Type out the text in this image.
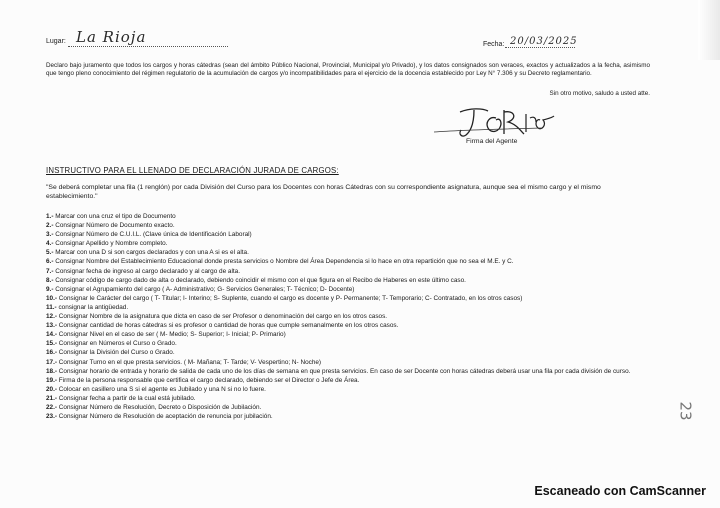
Lugar: La Rioja	Fecha: 20/03/2025
Declaro bajo juramento que todos los cargos y horas cátedras (sean del ámbito Público Nacional, Provincial, Municipal y/o Privado), y los datos consignados son veraces, exactos y actualizados a la fecha, asimismo que tengo pleno conocimiento del régimen regulatorio de la acumulación de cargos y/o incompatibilidades para el ejercicio de la docencia establecido por Ley N° 7.306 y su Decreto reglamentario.
Sin otro motivo, saludo a usted atte.
Firma del Agente
INSTRUCTIVO PARA EL LLENADO DE DECLARACIÓN JURADA DE CARGOS:
"Se deberá completar una fila (1 renglón) por cada División del Curso para los Docentes con horas Cátedras con su correspondiente asignatura, aunque sea el mismo cargo y el mismo establecimiento."
1.- Marcar con una cruz el tipo de Documento
2.- Consignar Número de Documento exacto.
3.- Consignar Número de C.U.I.L. (Clave única de Identificación Laboral)
4.- Consignar Apellido y Nombre completo.
5.- Marcar con una D si son cargos declarados y con una A si es el alta.
6.- Consignar Nombre del Establecimiento Educacional donde presta servicios o Nombre del Área Dependencia si lo hace en otra repartición que no sea el M.E. y C.
7.- Consignar fecha de ingreso al cargo declarado y al cargo de alta.
8.- Consignar código de cargo dado de alta o declarado, debiendo coincidir el mismo con el que figura en el Recibo de Haberes en este último caso.
9.- Consignar el Agrupamiento del cargo ( A- Administrativo; G- Servicios Generales; T- Técnico; D- Docente)
10.- Consignar le Carácter del cargo ( T- Titular; I- Interino; S- Suplente, cuando el cargo es docente y P- Permanente; T- Temporario; C- Contratado, en los otros casos)
11.- consignar la antigüedad.
12.- Consignar Nombre de la asignatura que dicta en caso de ser Profesor o denominación del cargo en los otros casos.
13.- Consignar cantidad de horas cátedras si es profesor o cantidad de horas que cumple semanalmente en los otros casos.
14.- Consignar Nivel en el caso de ser ( M- Medio; S- Superior; I- Inicial; P- Primario)
15.- Consignar en Números el Curso o Grado.
16.- Consignar la División del Curso o Grado.
17.- Consignar Turno en el que presta servicios. ( M- Mañana; T- Tarde; V- Vespertino; N- Noche)
18.- Consignar horario de entrada y horario de salida de cada uno de los días de semana en que presta servicios. En caso de ser Docente con horas cátedras deberá usar una fila por cada división de curso.
19.- Firma de la persona responsable que certifica el cargo declarado, debiendo ser el Director o Jefe de Área.
20.- Colocar en casillero una S si el agente es Jubilado y una N si no lo fuere.
21.- Consignar fecha a partir de la cual está jubilado.
22.- Consignar Número de Resolución, Decreto o Disposición de Jubilación.
23.- Consignar Número de Resolución de aceptación de renuncia por jubilación.	23
Escaneado con CamScanner
